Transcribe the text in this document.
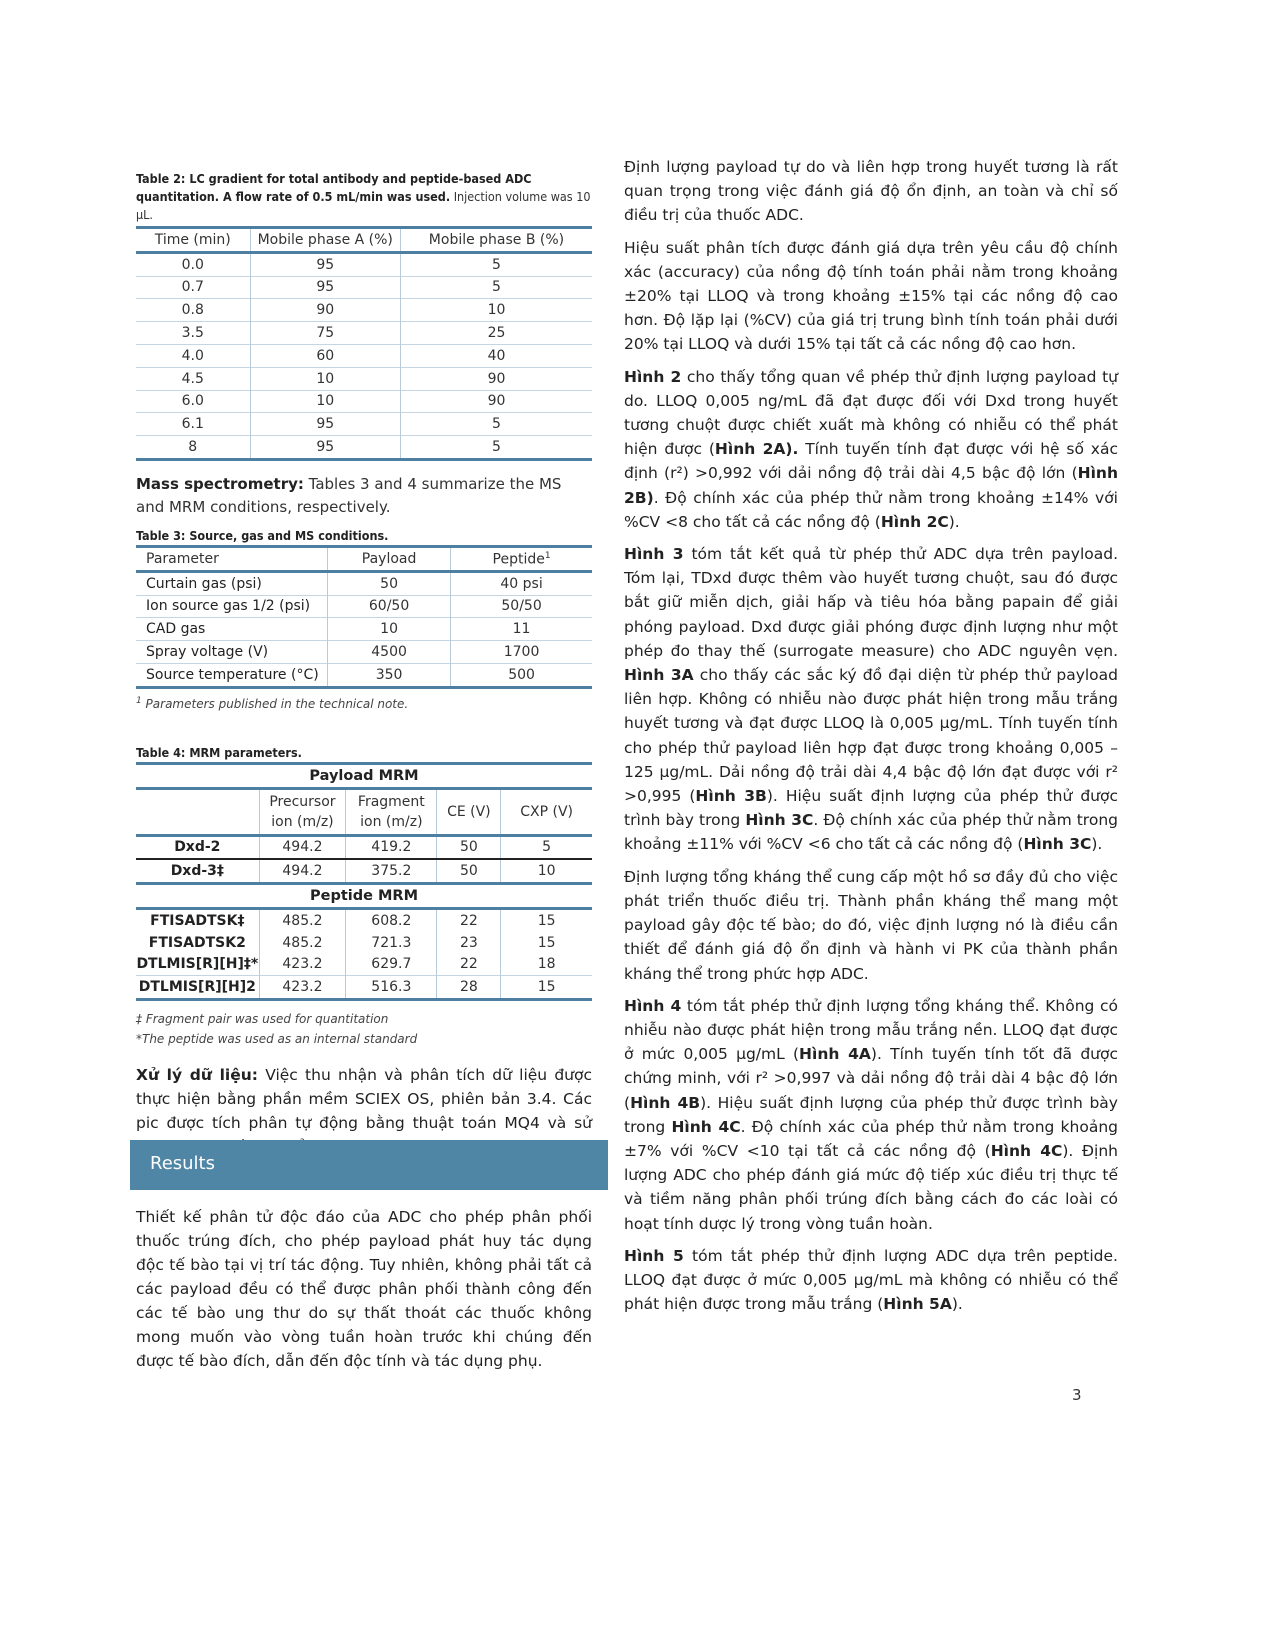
Table 2: LC gradient for total antibody and peptide-based ADC quantitation. A flow rate of 0.5 mL/min was used. Injection volume was 10 µL.
Time (min)	Mobile phase A (%)	Mobile phase B (%)
0.0	95	5
0.7	95	5
0.8	90	10
3.5	75	25
4.0	60	40
4.5	10	90
6.0	10	90
6.1	95	5
8	95	5
Mass spectrometry: Tables 3 and 4 summarize the MS and MRM conditions, respectively.
Table 3: Source, gas and MS conditions.
Parameter	Payload	Peptide$^1$
Curtain gas (psi)	50	40 psi
Ion source gas 1/2 (psi)	60/50	50/50
CAD gas	10	11
Spray voltage (V)	4500	1700
Source temperature (°C)	350	500
$^1$ Parameters published in the technical note.
Table 4: MRM parameters.
Payload MRM				
	Precursor ion (m/z)	Fragment ion (m/z)	CE (V)	CXP (V)
Dxd-2	494.2	419.2	50	5
Dxd-3‡	494.2	375.2	50	10
Peptide MRM				
FTISADTSK‡	485.2	608.2	22	15
FTISADTSK2	485.2	721.3	23	15
DTLMIS[R][H]‡*	423.2	629.7	22	18
DTLMIS[R][H]2	423.2	516.3	28	15
‡ Fragment pair was used for quantitation
*The peptide was used as an internal standard
Xử lý dữ liệu: Việc thu nhận và phân tích dữ liệu được thực hiện bằng phần mềm SCIEX OS, phiên bản 3.4. Các pic được tích phân tự động bằng thuật toán MQ4 và sử
Results
Thiết kế phân tử độc đáo của ADC cho phép phân phối thuốc trúng đích, cho phép payload phát huy tác dụng độc tế bào tại vị trí tác động. Tuy nhiên, không phải tất cả các payload đều có thể được phân phối thành công đến các tế bào ung thư do sự thất thoát các thuốc không mong muốn vào vòng tuần hoàn trước khi chúng đến được tế bào đích, dẫn đến độc tính và tác dụng phụ.

Định lượng payload tự do và liên hợp trong huyết tương là rất quan trọng trong việc đánh giá độ ổn định, an toàn và chỉ số điều trị của thuốc ADC.

Hiệu suất phân tích được đánh giá dựa trên yêu cầu độ chính xác (accuracy) của nồng độ tính toán phải nằm trong khoảng ±20% tại LLOQ và trong khoảng ±15% tại các nồng độ cao hơn. Độ lặp lại (%CV) của giá trị trung bình tính toán phải dưới 20% tại LLOQ và dưới 15% tại tất cả các nồng độ cao hơn.

Hình 2 cho thấy tổng quan về phép thử định lượng payload tự do. LLOQ 0,005 ng/mL đã đạt được đối với Dxd trong huyết tương chuột được chiết xuất mà không có nhiễu có thể phát hiện được (Hình 2A). Tính tuyến tính đạt được với hệ số xác định (r²) >0,992 với dải nồng độ trải dài 4,5 bậc độ lớn (Hình 2B). Độ chính xác của phép thử nằm trong khoảng ±14% với %CV <8 cho tất cả các nồng độ (Hình 2C).

Hình 3 tóm tắt kết quả từ phép thử ADC dựa trên payload. Tóm lại, TDxd được thêm vào huyết tương chuột, sau đó được bắt giữ miễn dịch, giải hấp và tiêu hóa bằng papain để giải phóng payload. Dxd được giải phóng được định lượng như một phép đo thay thế (surrogate measure) cho ADC nguyên vẹn. Hình 3A cho thấy các sắc ký đồ đại diện từ phép thử payload liên hợp. Không có nhiễu nào được phát hiện trong mẫu trắng huyết tương và đạt được LLOQ là 0,005 µg/mL. Tính tuyến tính cho phép thử payload liên hợp đạt được trong khoảng 0,005 – 125 µg/mL. Dải nồng độ trải dài 4,4 bậc độ lớn đạt được với r² >0,995 (Hình 3B). Hiệu suất định lượng của phép thử được trình bày trong Hình 3C. Độ chính xác của phép thử nằm trong khoảng ±11% với %CV <6 cho tất cả các nồng độ (Hình 3C).

Định lượng tổng kháng thể cung cấp một hồ sơ đầy đủ cho việc phát triển thuốc điều trị. Thành phần kháng thể mang một payload gây độc tế bào; do đó, việc định lượng nó là điều cần thiết để đánh giá độ ổn định và hành vi PK của thành phần kháng thể trong phức hợp ADC.

Hình 4 tóm tắt phép thử định lượng tổng kháng thể. Không có nhiễu nào được phát hiện trong mẫu trắng nền. LLOQ đạt được ở mức 0,005 µg/mL (Hình 4A). Tính tuyến tính tốt đã được chứng minh, với r² >0,997 và dải nồng độ trải dài 4 bậc độ lớn (Hình 4B). Hiệu suất định lượng của phép thử được trình bày trong Hình 4C. Độ chính xác của phép thử nằm trong khoảng ±7% với %CV <10 tại tất cả các nồng độ (Hình 4C). Định lượng ADC cho phép đánh giá mức độ tiếp xúc điều trị thực tế và tiềm năng phân phối trúng đích bằng cách đo các loài có hoạt tính dược lý trong vòng tuần hoàn.

Hình 5 tóm tắt phép thử định lượng ADC dựa trên peptide. LLOQ đạt được ở mức 0,005 µg/mL mà không có nhiễu có thể phát hiện được trong mẫu trắng (Hình 5A).

3
